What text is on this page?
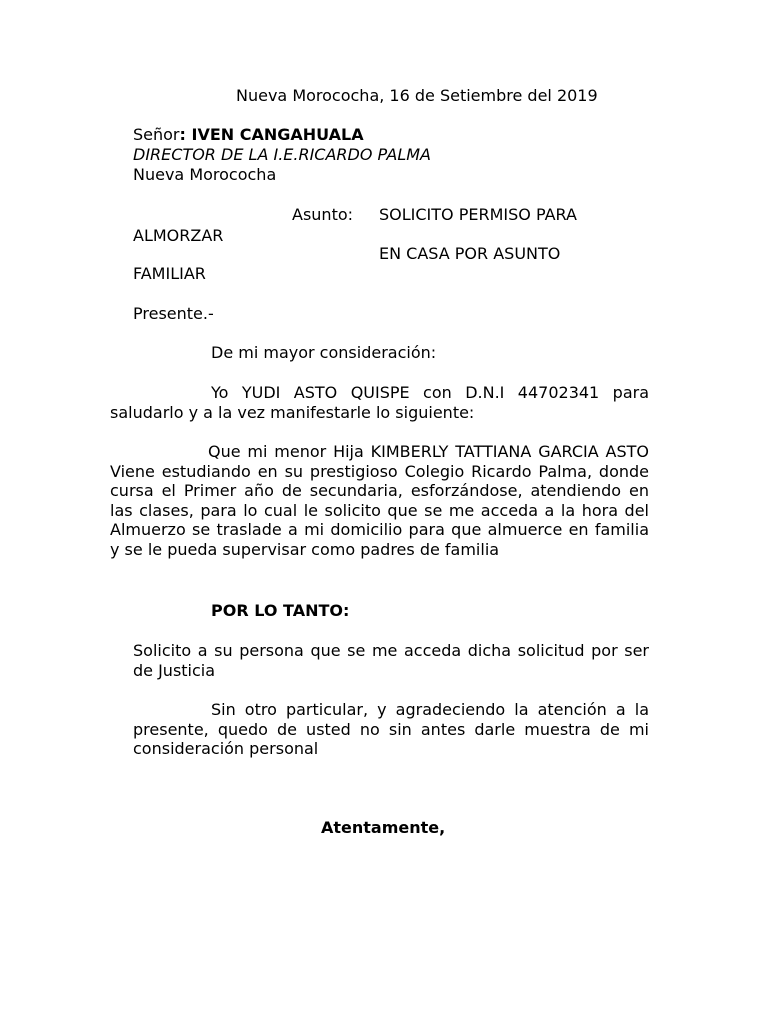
Nueva Morococha, 16 de Setiembre del 2019

Señor: IVEN CANGAHUALA

DIRECTOR DE LA I.E.RICARDO PALMA

Nueva Morococha

Asunto: SOLICITO PERMISO PARA

ALMORZAR

EN CASA POR ASUNTO

FAMILIAR

Presente.-

De mi mayor consideración:

Yo YUDI ASTO QUISPE con D.N.I 44702341 para saludarlo y a la vez manifestarle lo siguiente:

Que mi menor Hija KIMBERLY TATTIANA GARCIA ASTO Viene estudiando en su prestigioso Colegio Ricardo Palma, donde cursa el Primer año de secundaria, esforzándose, atendiendo en las clases, para lo cual le solicito que se me acceda a la hora del Almuerzo se traslade a mi domicilio para que almuerce en familia y se le pueda supervisar como padres de familia

POR LO TANTO:

Solicito a su persona que se me acceda dicha solicitud por ser de Justicia

Sin otro particular, y agradeciendo la atención a la presente, quedo de usted no sin antes darle muestra de mi consideración personal

Atentamente,
